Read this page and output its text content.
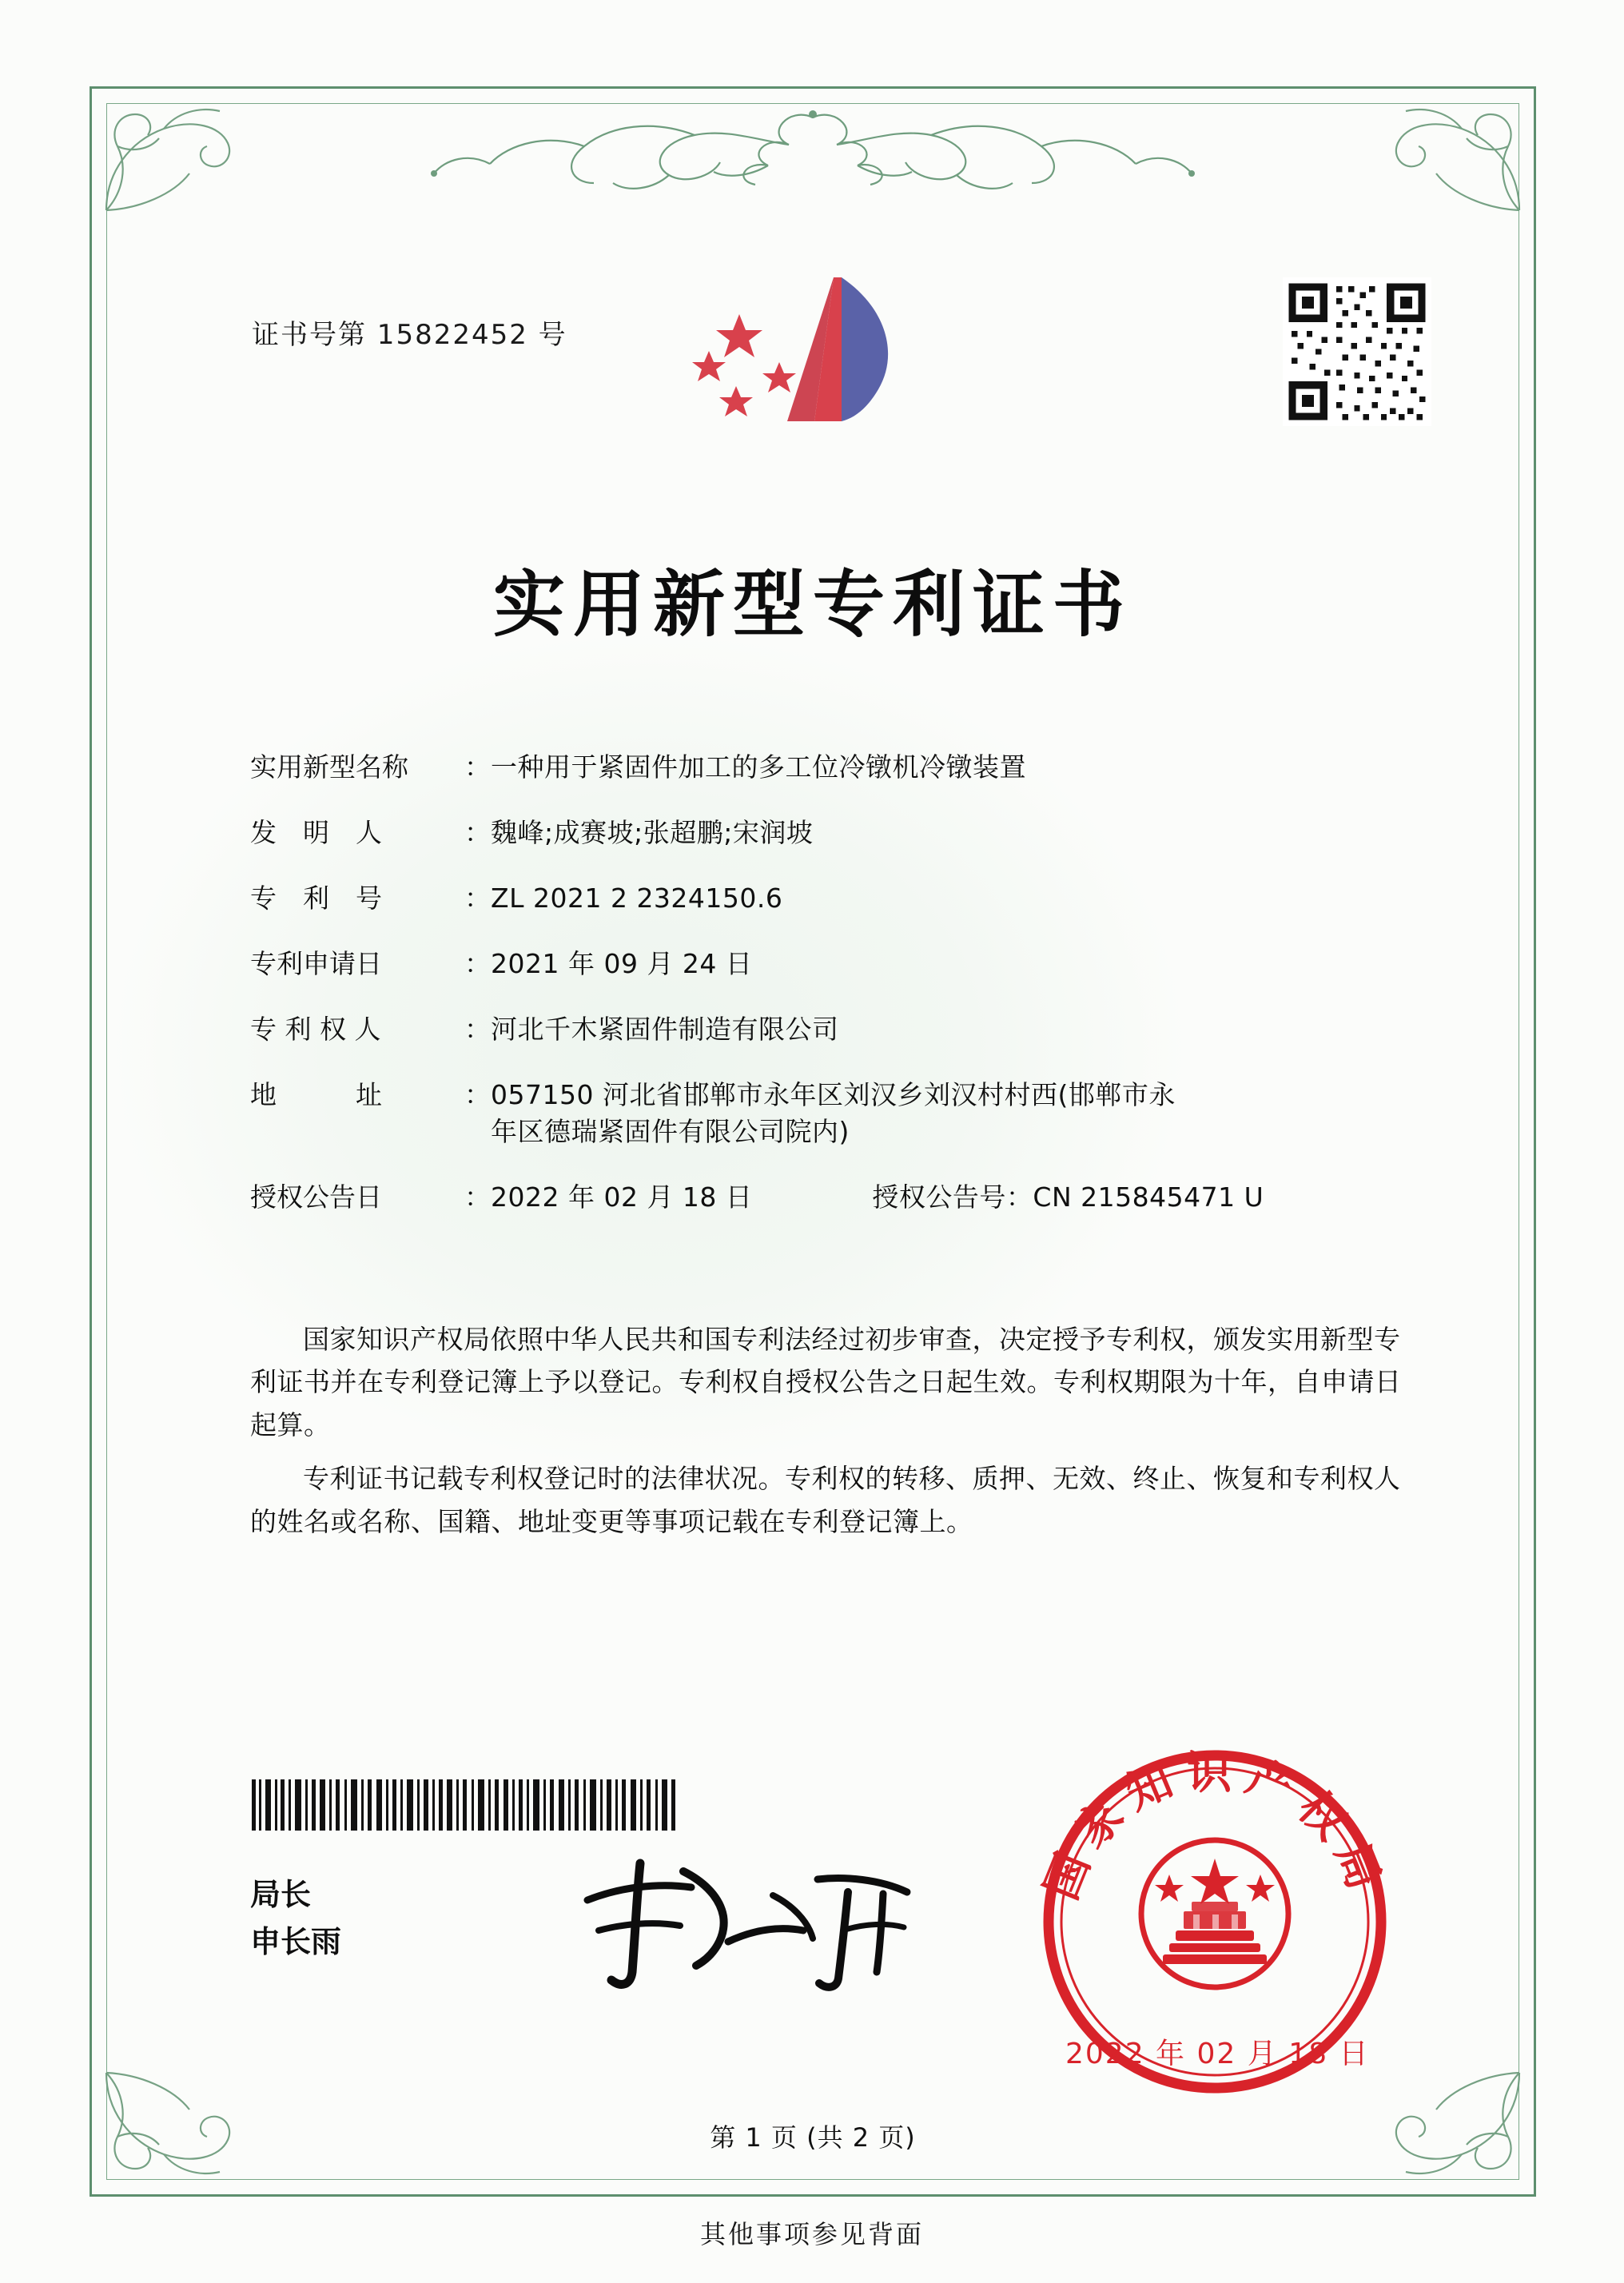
证书号第 15822452 号
实用新型专利证书
实用新型名称	： 一种用于紧固件加工的多工位冷镦机冷镦装置
发　明　人	： 魏峰;成赛坡;张超鹏;宋润坡
专　利　号	： ZL 2021 2 2324150.6
专利申请日	： 2021 年 09 月 24 日
专 利 权 人	： 河北千木紧固件制造有限公司
地　　　址	： 057150 河北省邯郸市永年区刘汉乡刘汉村村西(邯郸市永
年区德瑞紧固件有限公司院内)
授权公告日	： 2022 年 02 月 18 日	授权公告号 ： CN 215845471 U

国家知识产权局依照中华人民共和国专利法经过初步审查，决定授予专利权，颁发实用新型专利证书并在专利登记簿上予以登记。专利权自授权公告之日起生效。专利权期限为十年，自申请日起算。

专利证书记载专利权登记时的法律状况。专利权的转移、质押、无效、终止、恢复和专利权人的姓名或名称、国籍、地址变更等事项记载在专利登记簿上。

局长
申长雨
国家知识产权局
2022 年 02 月 18 日
第 1 页 (共 2 页)
其他事项参见背面
